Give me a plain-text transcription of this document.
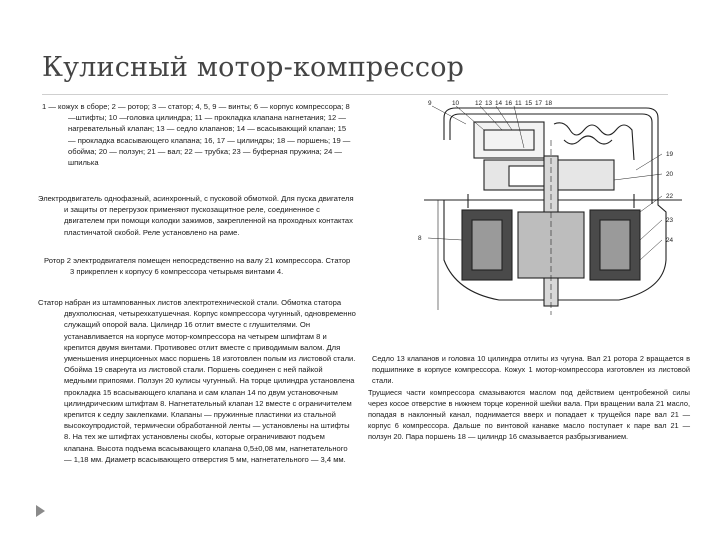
Кулисный мотор-компрессор
1 — кожух в сборе; 2 — ротор; 3 — статор; 4, 5, 9 — винты; 6 — корпус компрессора; 8 —штифты; 10 —головка цилиндра; 11 — прокладка клапана нагнетания; 12 — нагревательный клапан; 13 — седло клапанов; 14 — всасывающий клапан; 15 — прокладка всасывающего клапана; 16, 17 — цилиндры; 18 — поршень; 19 — обойма; 20 — ползун; 21 — вал; 22 — трубка; 23 — буферная пружина; 24 — шпилька
Электродвигатель однофазный, асинхронный, с пусковой обмоткой. Для пуска двигателя и защиты от перегрузок применяют пускозащитное реле, соединенное с двигателем при помощи колодки зажимов, закрепленной на проходных контактах пластинчатой скобой. Реле установлено на раме.
Ротор 2 электродвигателя помещен непосредственно на валу 21 компрессора. Статор 3 прикреплен к корпусу 6 компрессора четырьмя винтами 4.
Статор набран из штампованных листов электротехнической стали. Обмотка статора двухполюсная, четырехкатушечная. Корпус компрессора чугунный, одновременно служащий опорой вала. Цилиндр 16 отлит вместе с глушителями. Он устанавливается на корпусе мотор-компрессора на четырем шпифтам 8 и крепится двумя винтами. Противовес отлит вместе с приводимым валом. Для уменьшения инерционных масс поршень 18 изготовлен полым из листовой стали. Обойма 19 сварнута из листовой стали. Поршень соединен с ней пайкой медными припоями. Ползун 20 кулисы чугунный. На торце цилиндра установлена прокладка 15 всасывающего клапана и сам клапан 14 по двум установочным цилиндрическим штифтам 8. Нагнетательный клапан 12 вместе с ограничителем крепится к седлу заклепками. Клапаны — пружинные пластинки из стальной высокоупродистой, термически обработанной ленты — установлены на штифты 8. На тех же штифтах установлены скобы, которые ограничивают подъем клапана. Высота подъема всасывающего клапана 0,5±0,08 мм, нагнетательного — 1,18 мм. Диаметр всасывающего отверстия 5 мм, нагнетательного — 3,4 мм.
Седло 13 клапанов и головка 10 цилиндра отлиты из чугуна. Вал 21 ротора 2 вращается в подшипнике в корпусе компрессора. Кожух 1 мотор-компрессора изготовлен из листовой стали.
Трущиеся части компрессора смазываются маслом под действием центробежной силы через косое отверстие в нижнем торце коренной шейки вала. При вращении вала 21 масло, попадая в наклонный канал, поднимается вверх и попадает к трущейся паре вал 21 — корпус 6 компрессора. Дальше по винтовой канавке масло поступает к паре вал 21 — ползун 20. Пара поршень 18 — цилиндр 16 смазывается разбрызгиванием.
9	10 12 13 14 16 11 15 17 18
19
20
22
23
24
8
